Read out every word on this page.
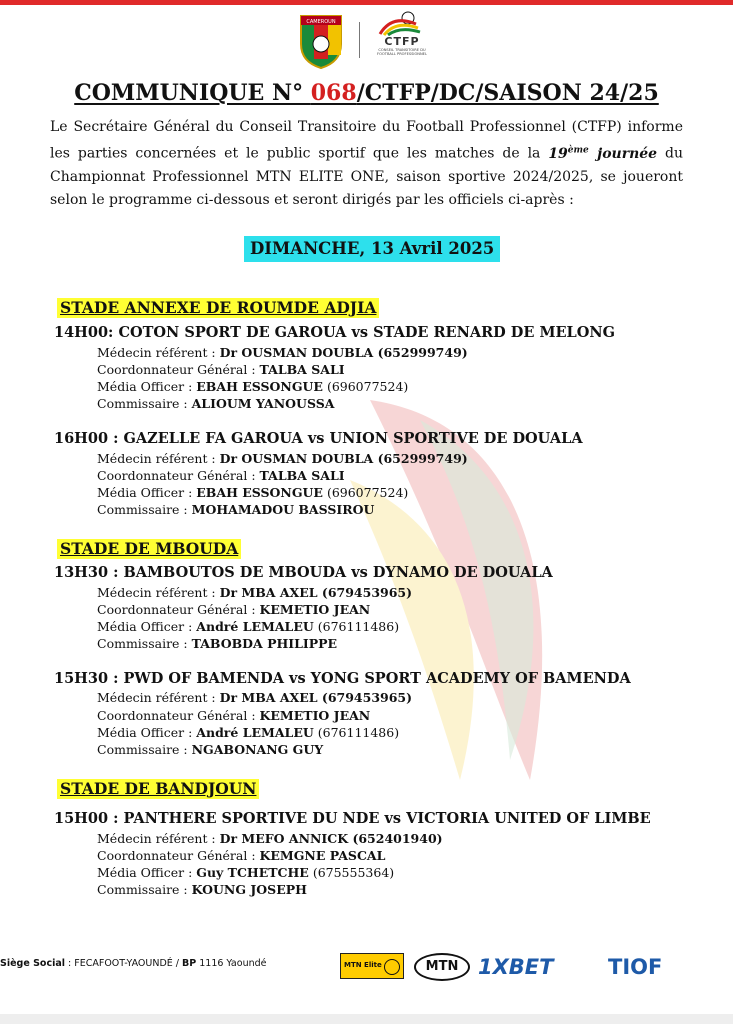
CAMEROUN
CTFP
CONSEIL TRANSITOIRE DU FOOTBALL PROFESSIONNEL
COMMUNIQUE N° 068/CTFP/DC/SAISON 24/25
Le Secrétaire Général du Conseil Transitoire du Football Professionnel (CTFP) informe les parties concernées et le public sportif que les matches de la 19ème journée du Championnat Professionnel MTN ELITE ONE, saison sportive 2024/2025, se joueront selon le programme ci-dessous et seront dirigés par les officiels ci-après :
DIMANCHE, 13 Avril 2025
STADE ANNEXE DE ROUMDE ADJIA
14H00: COTON SPORT DE GAROUA vs STADE RENARD DE MELONG
Médecin référent : Dr OUSMAN DOUBLA (652999749)
Coordonnateur Général : TALBA SALI
Média Officer : EBAH ESSONGUE (696077524)
Commissaire : ALIOUM YANOUSSA
16H00 : GAZELLE FA GAROUA vs UNION SPORTIVE DE DOUALA
Médecin référent : Dr OUSMAN DOUBLA (652999749)
Coordonnateur Général : TALBA SALI
Média Officer : EBAH ESSONGUE (696077524)
Commissaire : MOHAMADOU BASSIROU
STADE DE MBOUDA
13H30 : BAMBOUTOS DE MBOUDA vs DYNAMO DE DOUALA
Médecin référent : Dr MBA AXEL (679453965)
Coordonnateur Général : KEMETIO JEAN
Média Officer : André LEMALEU (676111486)
Commissaire : TABOBDA PHILIPPE
15H30 : PWD OF BAMENDA vs YONG SPORT ACADEMY OF BAMENDA
Médecin référent : Dr MBA AXEL (679453965)
Coordonnateur Général : KEMETIO JEAN
Média Officer : André LEMALEU (676111486)
Commissaire : NGABONANG GUY
STADE DE BANDJOUN
15H00 : PANTHERE SPORTIVE DU NDE vs VICTORIA UNITED OF LIMBE
Médecin référent : Dr MEFO ANNICK (652401940)
Coordonnateur Général : KEMGNE PASCAL
Média Officer : Guy TCHETCHE (675555364)
Commissaire : KOUNG JOSEPH
Siège Social : FECAFOOT-YAOUNDÉ / BP 1116 Yaoundé	MTN Elite	MTN 1XBET	TIOF
